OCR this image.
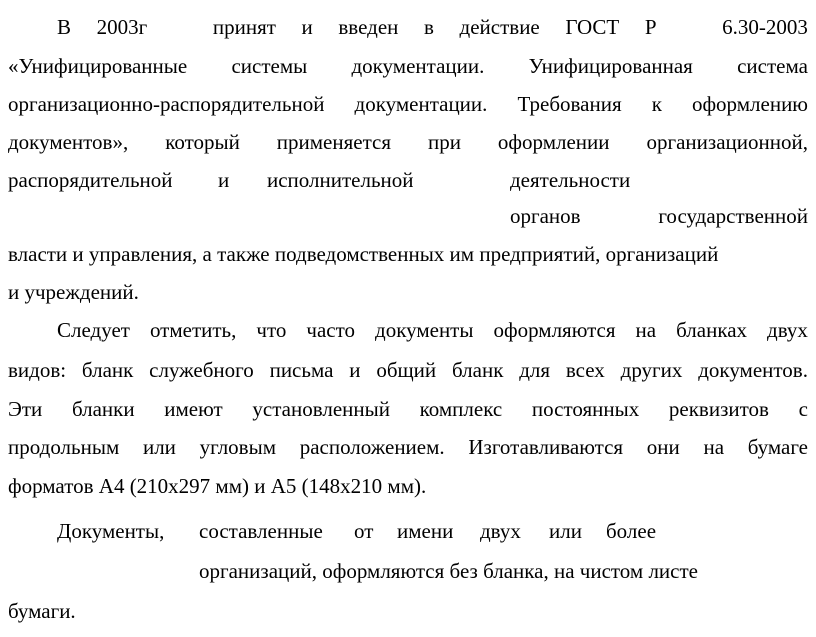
В 2003г	принят и введен в действие ГОСТ Р	6.30-2003
«Унифицированные системы документации. Унифицированная система
организационно-распорядительной документации. Требования к оформлению
документов», который применяется при оформлении организационной,
распорядительной и исполнительной	деятельности
органов	государственной
власти и управления, а также подведомственных им предприятий, организаций
и учреждений.
Следует отметить, что часто документы оформляются на бланках двух
видов: бланк служебного письма и общий бланк для всех других документов.
Эти бланки имеют установленный комплекс постоянных реквизитов с
продольным или угловым расположением. Изготавливаются они на бумаге
форматов А4 (210х297 мм) и А5 (148х210 мм).
Документы, составленные от имени двух или более
организаций, оформляются без бланка, на чистом листе
бумаги.
